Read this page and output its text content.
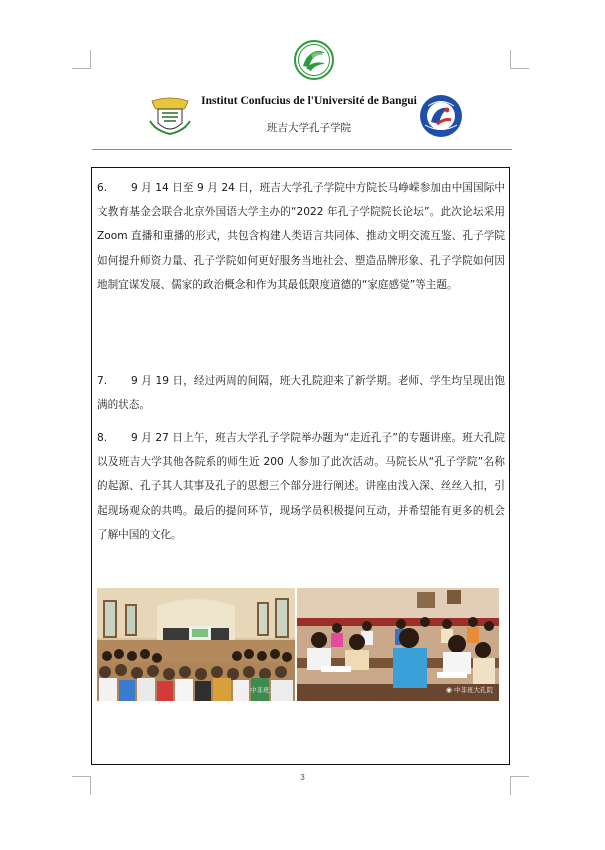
Institut Confucius de l'Université de Bangui
班吉大学孔子学院
6. 9 月 14 日至 9 月 24 日，班吉大学孔子学院中方院长马峥嵘参加由中国国际中文教育基金会联合北京外国语大学主办的“2022 年孔子学院院长论坛”。此次论坛采用 Zoom 直播和重播的形式，共包含构建人类语言共同体、推动文明交流互鉴、孔子学院如何提升师资力量、孔子学院如何更好服务当地社会、塑造品牌形象、孔子学院如何因地制宜谋发展、儒家的政治概念和作为其最低限度道德的“家庭感觉”等主题。
7. 9 月 19 日，经过两周的间隔，班大孔院迎来了新学期。老师、学生均呈现出饱满的状态。
8. 9 月 27 日上午，班吉大学孔子学院举办题为“走近孔子”的专题讲座。班大孔院以及班吉大学其他各院系的师生近 200 人参加了此次活动。马院长从“孔子学院”名称的起源、孔子其人其事及孔子的思想三个部分进行阐述。讲座由浅入深、丝丝入扣，引起现场观众的共鸣。最后的提问环节，现场学员积极提问互动，并希望能有更多的机会了解中国的文化。
◉ 中非班大孔院	◉ 中非班大孔院
3
